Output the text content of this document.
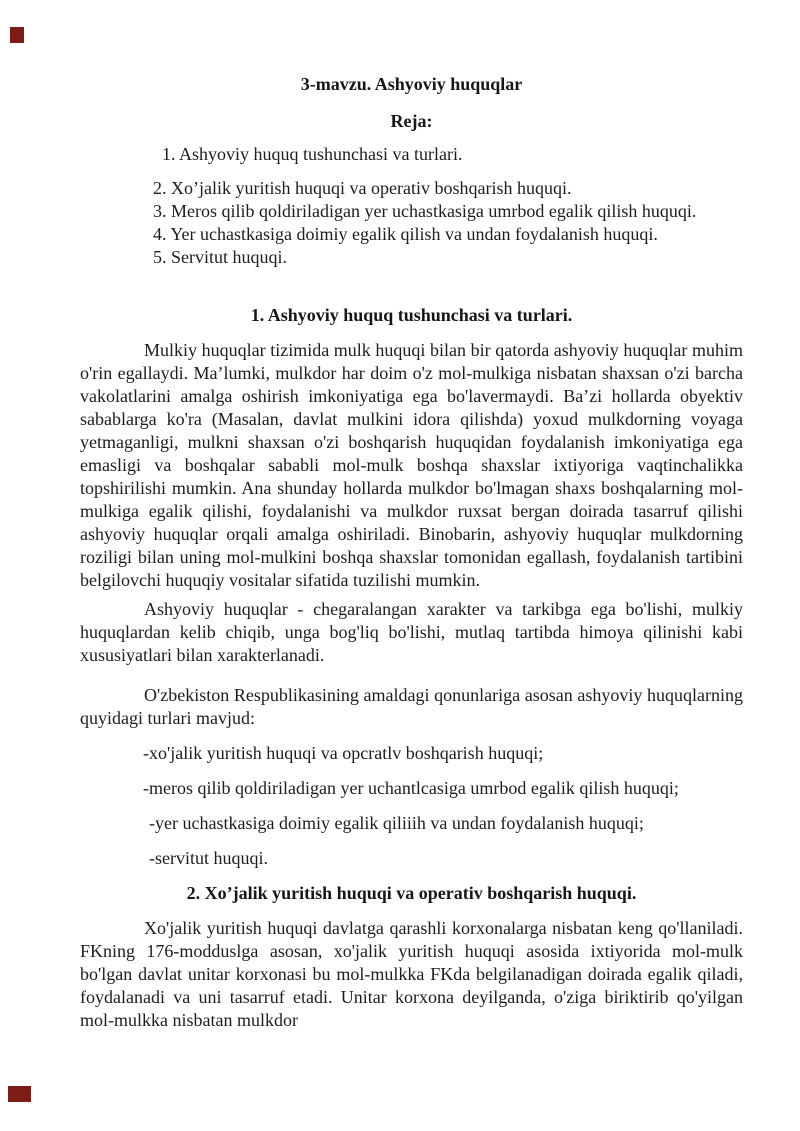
3-mavzu. Ashyoviy huquqlar
Reja:
1. Ashyoviy huquq tushunchasi va turlari.
2. Xo’jalik yuritish huquqi va operativ boshqarish huquqi.
3. Meros qilib qoldiriladigan yer uchastkasiga umrbod egalik qilish huquqi.
4. Yer uchastkasiga doimiy egalik qilish va undan foydalanish huquqi.
5. Servitut huquqi.
1. Ashyoviy huquq tushunchasi va turlari.

Mulkiy huquqlar tizimida mulk huquqi bilan bir qatorda ashyoviy huquqlar muhim o'rin egallaydi. Ma’lumki, mulkdor har doim o'z mol-mulkiga nisbatan shaxsan o'zi barcha vakolatlarini amalga oshirish imkoniyatiga ega bo'lavermaydi. Ba’zi hollarda obyektiv sabablarga ko'ra (Masalan, davlat mulkini idora qilishda) yoxud mulkdorning voyaga yetmaganligi, mulkni shaxsan o'zi boshqarish huquqidan foydalanish imkoniyatiga ega emasligi va boshqalar sababli mol-mulk boshqa shaxslar ixtiyoriga vaqtinchalikka topshirilishi mumkin. Ana shunday hollarda mulkdor bo'lmagan shaxs boshqalarning mol-mulkiga egalik qilishi, foydalanishi va mulkdor ruxsat bergan doirada tasarruf qilishi ashyoviy huquqlar orqali amalga oshiriladi. Binobarin, ashyoviy huquqlar mulkdorning roziligi bilan uning mol-mulkini boshqa shaxslar tomonidan egallash, foydalanish tartibini belgilovchi huquqiy vositalar sifatida tuzilishi mumkin.

Ashyoviy huquqlar - chegaralangan xarakter va tarkibga ega bo'lishi, mulkiy huquqlardan kelib chiqib, unga bog'liq bo'lishi, mutlaq tartibda himoya qilinishi kabi xususiyatlari bilan xarakterlanadi.

O'zbekiston Respublikasining amaldagi qonunlariga asosan ashyoviy huquqlarning quyidagi turlari mavjud:

-xo'jalik yuritish huquqi va opcratlv boshqarish huquqi;
-meros qilib qoldiriladigan yer uchantlcasiga umrbod egalik qilish huquqi;
-yer uchastkasiga doimiy egalik qiliiih va undan foydalanish huquqi;
-servitut huquqi.
2. Xo’jalik yuritish huquqi va operativ boshqarish huquqi.

Xo'jalik yuritish huquqi davlatga qarashli korxonalarga nisbatan keng qo'llaniladi. FKning 176-modduslga asosan, xo'jalik yuritish huquqi asosida ixtiyorida mol-mulk bo'lgan davlat unitar korxonasi bu mol-mulkka FKda belgilanadigan doirada egalik qiladi, foydalanadi va uni tasarruf etadi. Unitar korxona deyilganda, o'ziga biriktirib qo'yilgan mol-mulkka nisbatan mulkdor
